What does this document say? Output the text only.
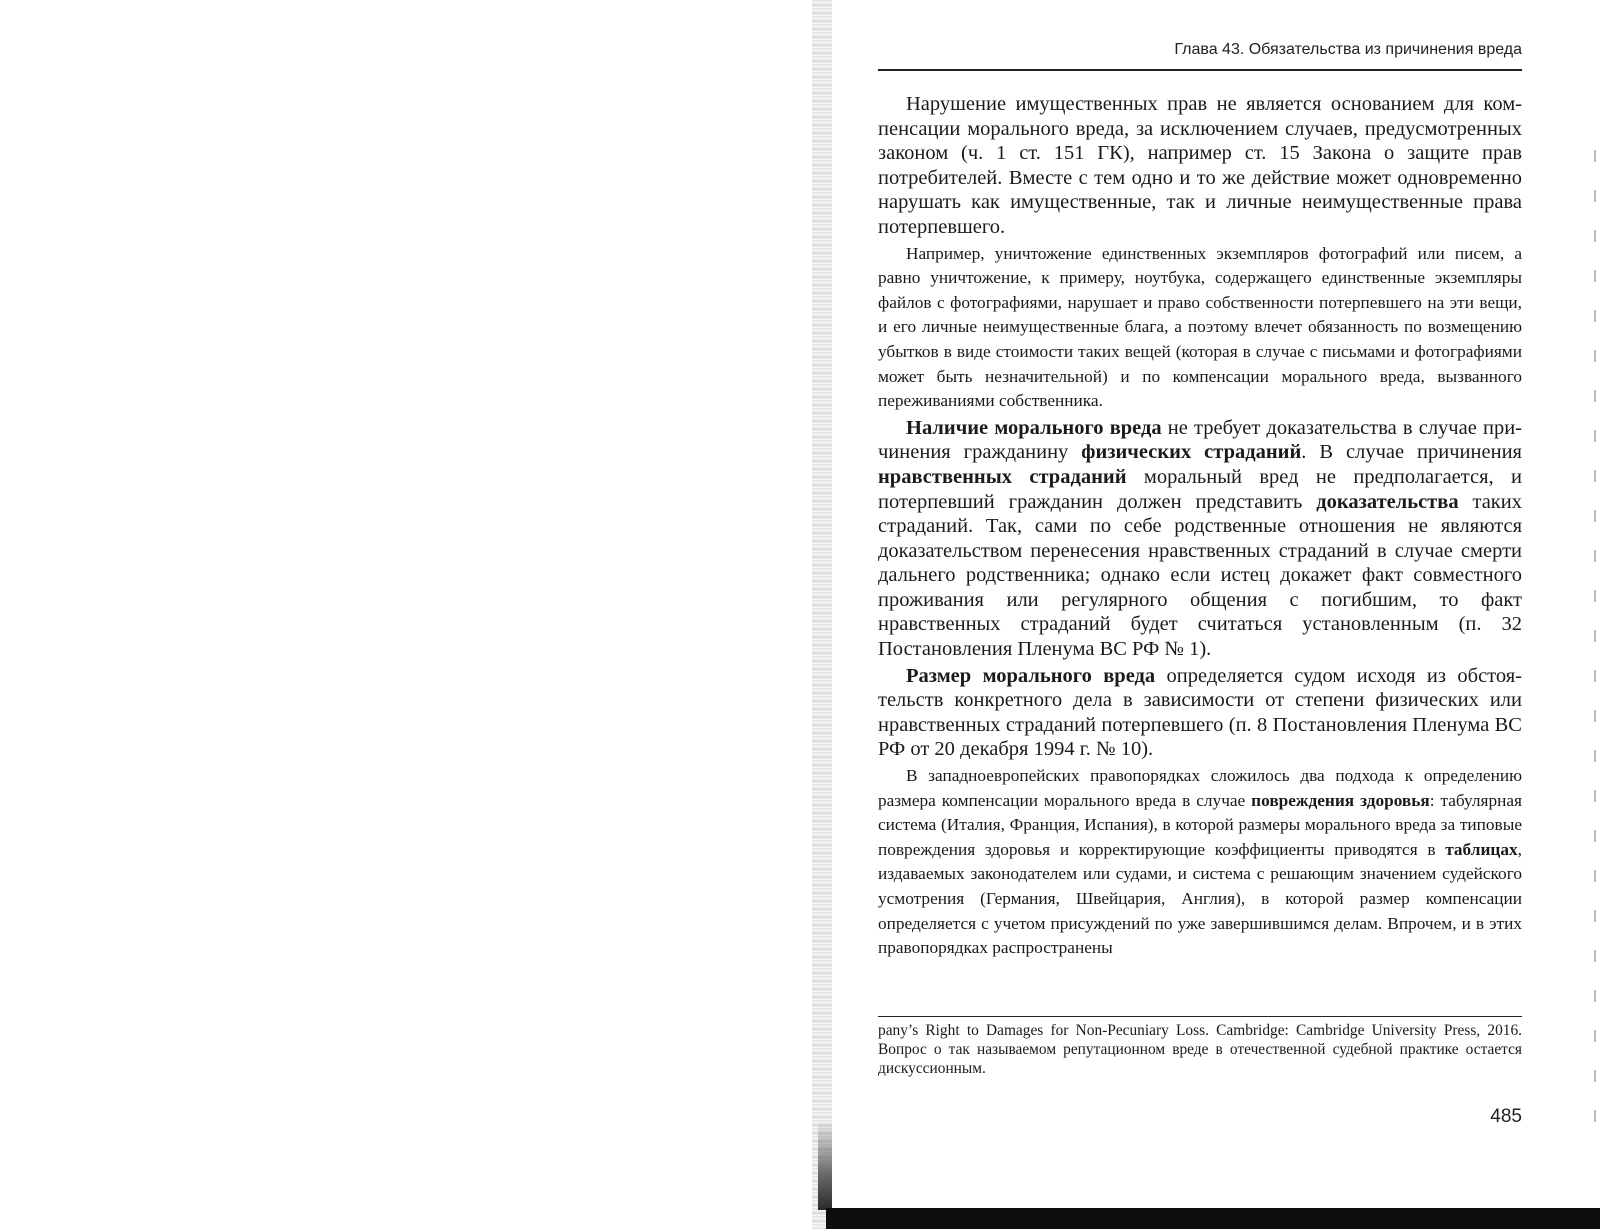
Глава 43. Обязательства из причинения вреда

Нарушение имущественных прав не является основанием для компенсации морального вреда, за исключением случаев, предусмотренных законом (ч. 1 ст. 151 ГК), например ст. 15 Закона о защите прав потребителей. Вместе с тем одно и то же действие может одновременно нарушать как имущественные, так и личные неимущественные права потерпевшего.

Например, уничтожение единственных экземпляров фотографий или писем, а равно уничтожение, к примеру, ноутбука, содержащего единственные экземпляры файлов с фотографиями, нарушает и право собственности потерпевшего на эти вещи, и его личные неимущественные блага, а поэтому влечет обязанность по возмещению убытков в виде стоимости таких вещей (которая в случае с письмами и фотографиями может быть незначительной) и по компенсации морального вреда, вызванного переживаниями собственника.

Наличие морального вреда не требует доказательства в случае причинения гражданину физических страданий. В случае причинения нравственных страданий моральный вред не предполагается, и потерпевший гражданин должен представить доказательства таких страданий. Так, сами по себе родственные отношения не являются доказательством перенесения нравственных страданий в случае смерти дальнего родственника; однако если истец докажет факт совместного проживания или регулярного общения с погибшим, то факт нравственных страданий будет считаться установленным (п. 32 Постановления Пленума ВС РФ № 1).

Размер морального вреда определяется судом исходя из обстоятельств конкретного дела в зависимости от степени физических или нравственных страданий потерпевшего (п. 8 Постановления Пленума ВС РФ от 20 декабря 1994 г. № 10).

В западноевропейских правопорядках сложилось два подхода к определению размера компенсации морального вреда в случае повреждения здоровья: табулярная система (Италия, Франция, Испания), в которой размеры морального вреда за типовые повреждения здоровья и корректирующие коэффициенты приводятся в таблицах, издаваемых законодателем или судами, и система с решающим значением судейского усмотрения (Германия, Швейцария, Англия), в которой размер компенсации определяется с учетом присуждений по уже завершившимся делам. Впрочем, и в этих правопорядках распространены

pany’s Right to Damages for Non-Pecuniary Loss. Cambridge: Cambridge University Press, 2016. Вопрос о так называемом репутационном вреде в отечественной судебной практике остается дискуссионным.

485
